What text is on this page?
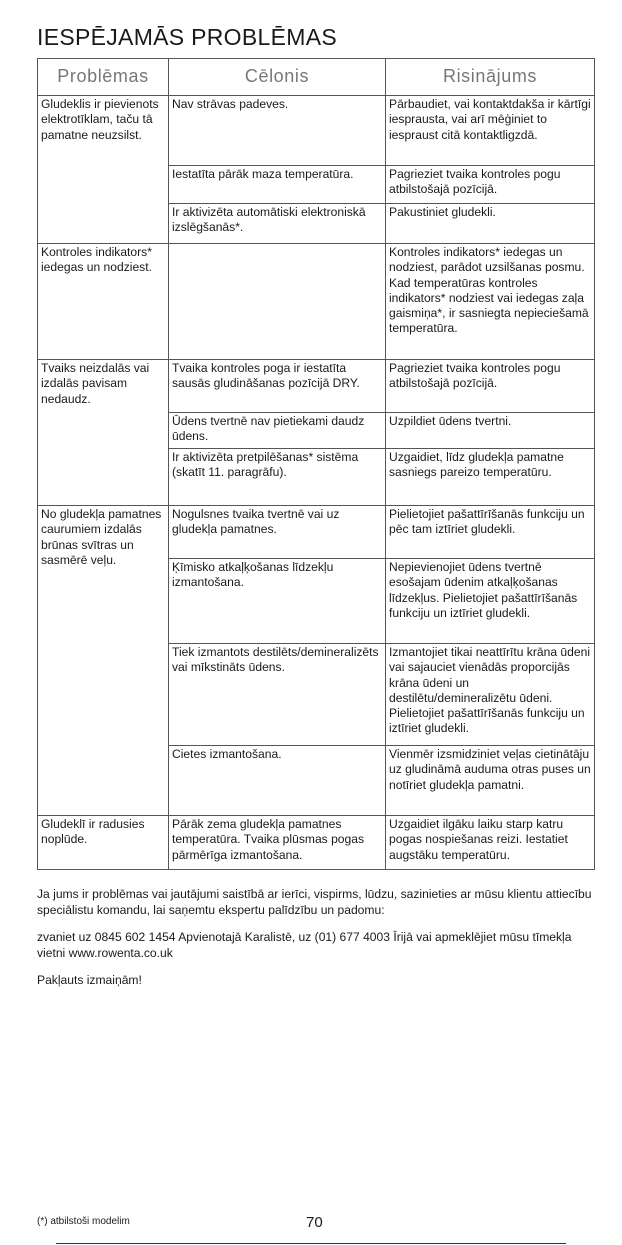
IESPĒJAMĀS PROBLĒMAS
Problēmas	Cēlonis	Risinājums
Gludeklis ir pievienots elektrotīklam, taču tā pamatne neuzsilst.	Nav strāvas padeves.	Pārbaudiet, vai kontaktdakša ir kārtīgi iesprausta, vai arī mēģiniet to iespraust citā kontaktligzdā.
	Iestatīta pārāk maza temperatūra.	Pagrieziet tvaika kontroles pogu atbilstošajā pozīcijā.
	Ir aktivizēta automātiski elektroniskā izslēgšanās*.	Pakustiniet gludekli.
Kontroles indikators* iedegas un nodziest.		Kontroles indikators* iedegas un nodziest, parādot uzsilšanas posmu. Kad temperatūras kontroles indikators* nodziest vai iedegas zaļa gaismiņa*, ir sasniegta nepieciešamā temperatūra.
Tvaiks neizdalās vai izdalās pavisam nedaudz.	Tvaika kontroles poga ir iestatīta sausās gludināšanas pozīcijā DRY.	Pagrieziet tvaika kontroles pogu atbilstošajā pozīcijā.
	Ūdens tvertnē nav pietiekami daudz ūdens.	Uzpildiet ūdens tvertni.
	Ir aktivizēta pretpilēšanas* sistēma (skatīt 11. paragrāfu).	Uzgaidiet, līdz gludekļa pamatne sasniegs pareizo temperatūru.
No gludekļa pamatnes caurumiem izdalās brūnas svītras un sasmērē veļu.	Nogulsnes tvaika tvertnē vai uz gludekļa pamatnes.	Pielietojiet pašattīrīšanās funkciju un pēc tam iztīriet gludekli.
	Ķīmisko atkaļķošanas līdzekļu izmantošana.	Nepievienojiet ūdens tvertnē esošajam ūdenim atkaļķošanas līdzekļus. Pielietojiet pašattīrīšanās funkciju un iztīriet gludekli.
	Tiek izmantots destilēts/demineralizēts vai mīkstināts ūdens.	Izmantojiet tikai neattīrītu krāna ūdeni vai sajauciet vienādās proporcijās krāna ūdeni un destilētu/demineralizētu ūdeni. Pielietojiet pašattīrīšanās funkciju un iztīriet gludekli.
	Cietes izmantošana.	Vienmēr izsmidziniet veļas cietinātāju uz gludināmā auduma otras puses un notīriet gludekļa pamatni.
Gludeklī ir radusies noplūde.	Pārāk zema gludekļa pamatnes temperatūra. Tvaika plūsmas pogas pārmērīga izmantošana.	Uzgaidiet ilgāku laiku starp katru pogas nospiešanas reizi. Iestatiet augstāku temperatūru.

Ja jums ir problēmas vai jautājumi saistībā ar ierīci, vispirms, lūdzu, sazinieties ar mūsu klientu attiecību speciālistu komandu, lai saņemtu ekspertu palīdzību un padomu:

zvaniet uz 0845 602 1454 Apvienotajā Karalistē, uz (01) 677 4003 Īrijā vai apmeklējiet mūsu tīmekļa vietni www.rowenta.co.uk

Pakļauts izmaiņām!

(*) atbilstoši modelim	70
